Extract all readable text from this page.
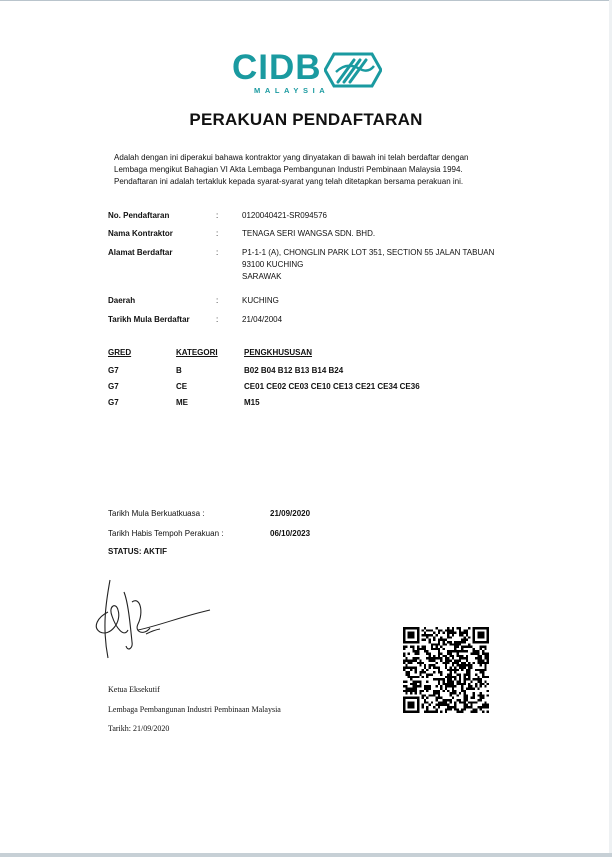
CIDB
MALAYSIA
PERAKUAN PENDAFTARAN
Adalah dengan ini diperakui bahawa kontraktor yang dinyatakan di bawah ini telah berdaftar dengan
Lembaga mengikut Bahagian VI Akta Lembaga Pembangunan Industri Pembinaan Malaysia 1994.
Pendaftaran ini adalah tertakluk kepada syarat-syarat yang telah ditetapkan bersama perakuan ini.
No. Pendaftaran	:	0120040421-SR094576
Nama Kontraktor	:	TENAGA SERI WANGSA SDN. BHD.
Alamat Berdaftar	:	P1-1-1 (A), CHONGLIN PARK LOT 351, SECTION 55 JALAN TABUAN
93100 KUCHING
SARAWAK
Daerah	:	KUCHING
Tarikh Mula Berdaftar	:	21/04/2004
GRED	KATEGORI	PENGKHUSUSAN
G7	B	B02 B04 B12 B13 B14 B24
G7	CE	CE01 CE02 CE03 CE10 CE13 CE21 CE34 CE36
G7	ME	M15
Tarikh Mula Berkuatkuasa :	21/09/2020
Tarikh Habis Tempoh Perakuan :	06/10/2023
STATUS: AKTIF
Ketua Eksekutif
Lembaga Pembangunan Industri Pembinaan Malaysia
Tarikh: 21/09/2020
